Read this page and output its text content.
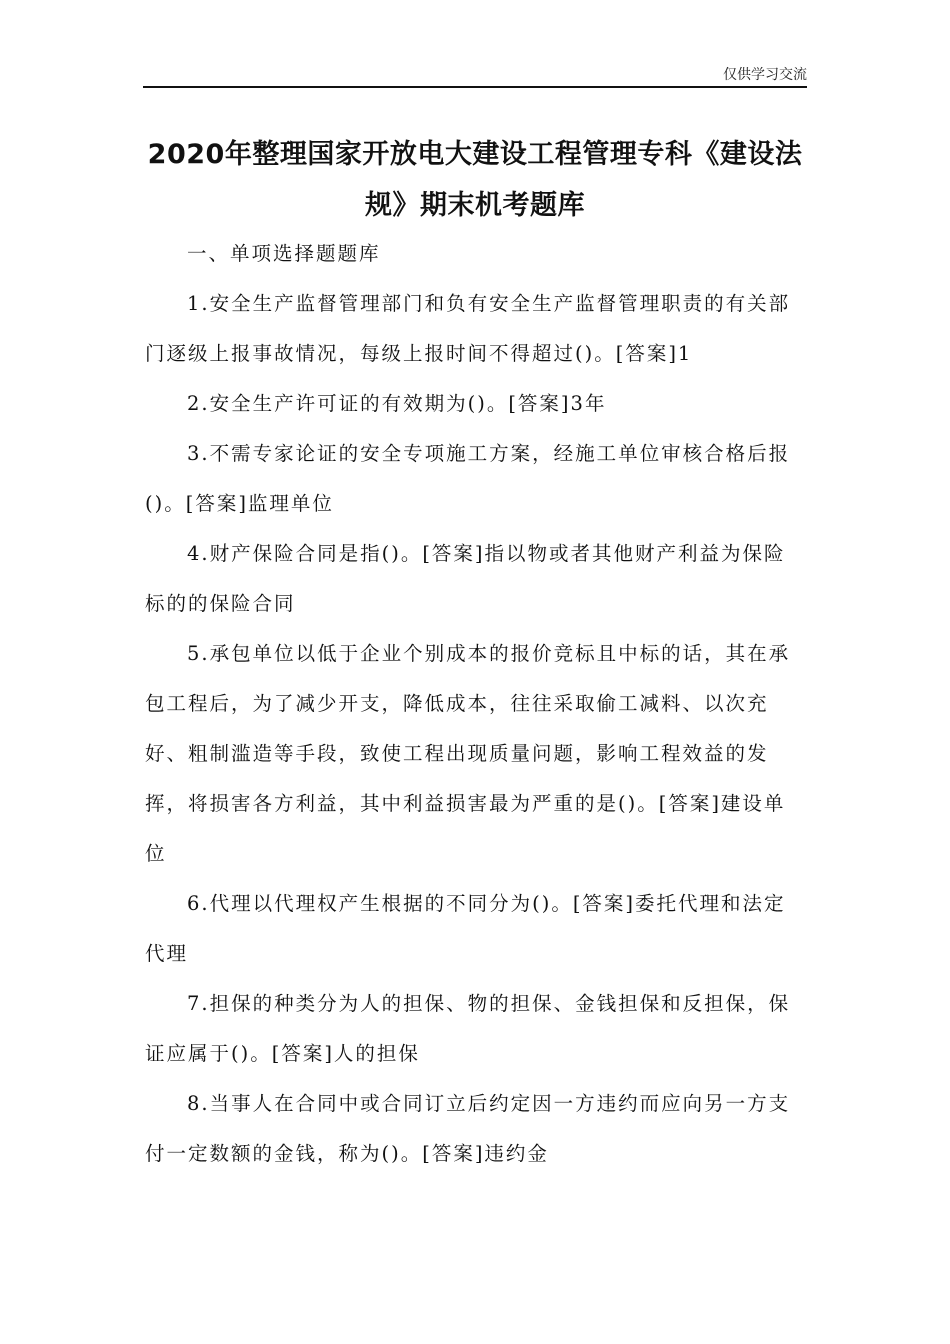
仅供学习交流
2020年整理国家开放电大建设工程管理专科《建设法规》期末机考题库

一、单项选择题题库

1.安全生产监督管理部门和负有安全生产监督管理职责的有关部门逐级上报事故情况，每级上报时间不得超过()。[答案]1

2.安全生产许可证的有效期为()。[答案]3年

3.不需专家论证的安全专项施工方案，经施工单位审核合格后报()。[答案]监理单位

4.财产保险合同是指()。[答案]指以物或者其他财产利益为保险标的的保险合同

5.承包单位以低于企业个别成本的报价竞标且中标的话，其在承包工程后，为了减少开支，降低成本，往往采取偷工减料、以次充好、粗制滥造等手段，致使工程出现质量问题，影响工程效益的发挥，将损害各方利益，其中利益损害最为严重的是()。[答案]建设单位

6.代理以代理权产生根据的不同分为()。[答案]委托代理和法定代理

7.担保的种类分为人的担保、物的担保、金钱担保和反担保，保证应属于()。[答案]人的担保

8.当事人在合同中或合同订立后约定因一方违约而应向另一方支付一定数额的金钱，称为()。[答案]违约金
